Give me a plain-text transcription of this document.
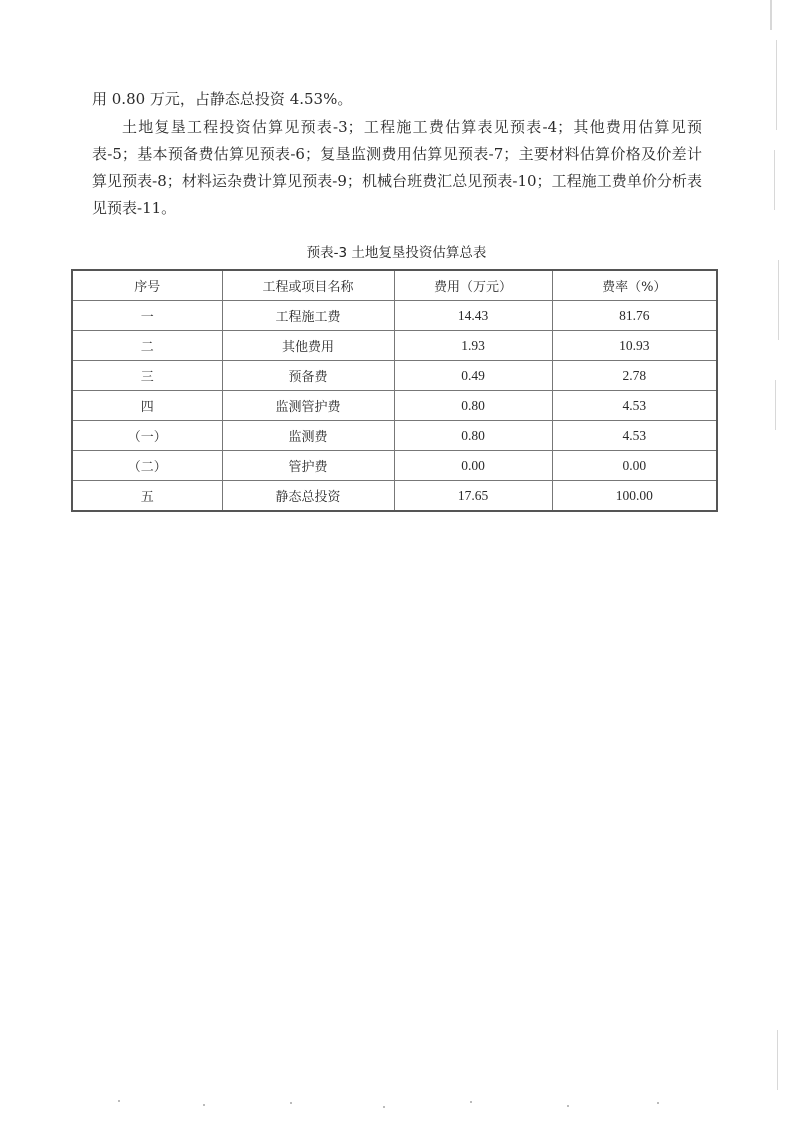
用 0.80 万元，占静态总投资 4.53%。

土地复垦工程投资估算见预表-3；工程施工费估算表见预表-4；其他费用估算见预表-5；基本预备费估算见预表-6；复垦监测费用估算见预表-7；主要材料估算价格及价差计算见预表-8；材料运杂费计算见预表-9；机械台班费汇总见预表-10；工程施工费单价分析表见预表-11。

预表-3 土地复垦投资估算总表
序号	工程或项目名称	费用（万元）	费率（%）
一	工程施工费	14.43	81.76
二	其他费用	1.93	10.93
三	预备费	0.49	2.78
四	监测管护费	0.80	4.53
（一）	监测费	0.80	4.53
（二）	管护费	0.00	0.00
五	静态总投资	17.65	100.00
